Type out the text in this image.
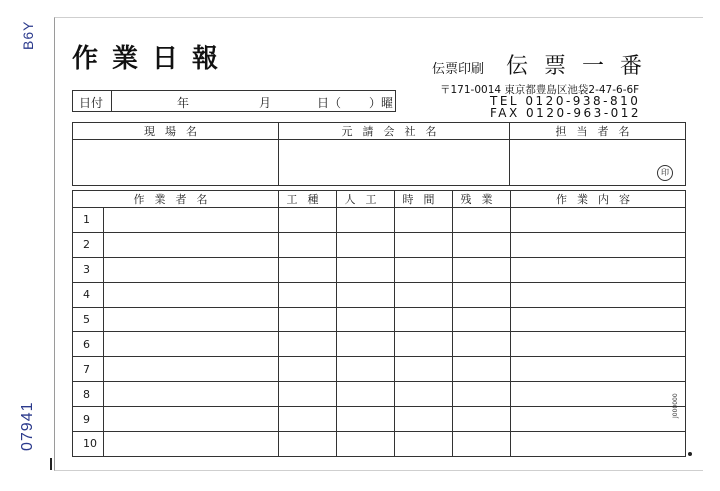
B6Y
07941
作業日報	伝票印刷 伝票一番
〒171-0014 東京都豊島区池袋2-47-6-6F
TEL 0120-938-810
FAX 0120-963-012
日付	年	月	日（ ）曜
現場名	元請会社名	担当者名

		印
作業者名		工種	人工	時間	残業	作業内容
1						
2						
3						
4						
5						
6						
7						
8						
9						
10						
J000000
